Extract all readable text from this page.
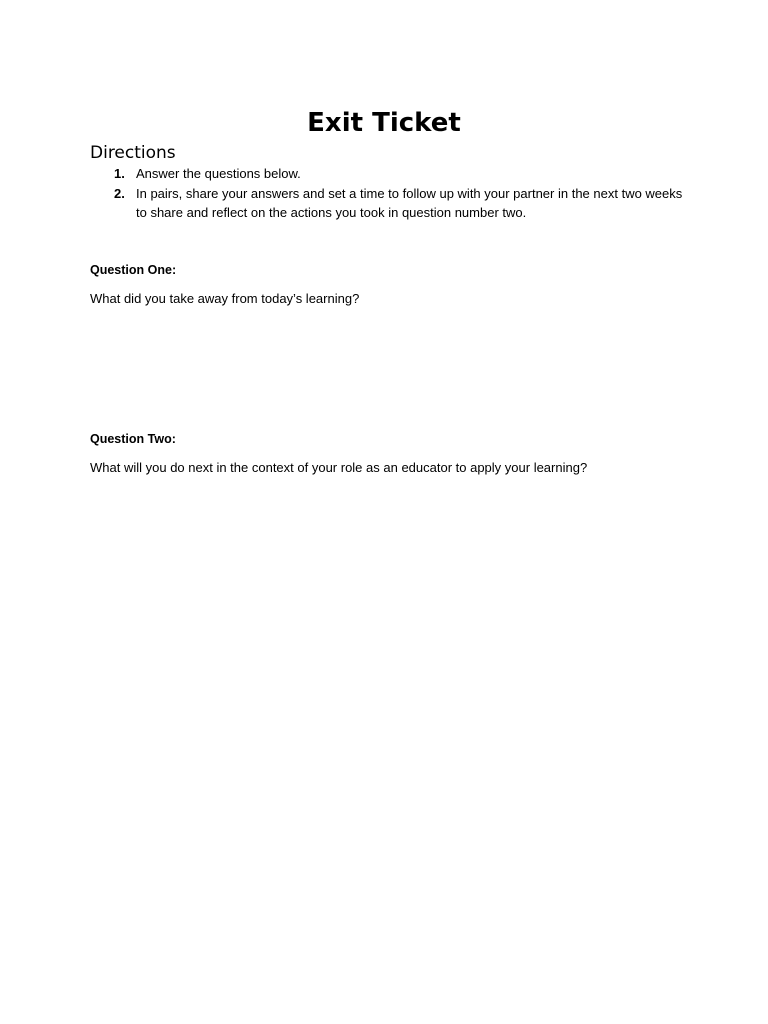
Exit Ticket
Directions
1. Answer the questions below.
2. In pairs, share your answers and set a time to follow up with your partner in the next two weeks to share and reflect on the actions you took in question number two.

Question One:

What did you take away from today’s learning?

Question Two:

What will you do next in the context of your role as an educator to apply your learning?
